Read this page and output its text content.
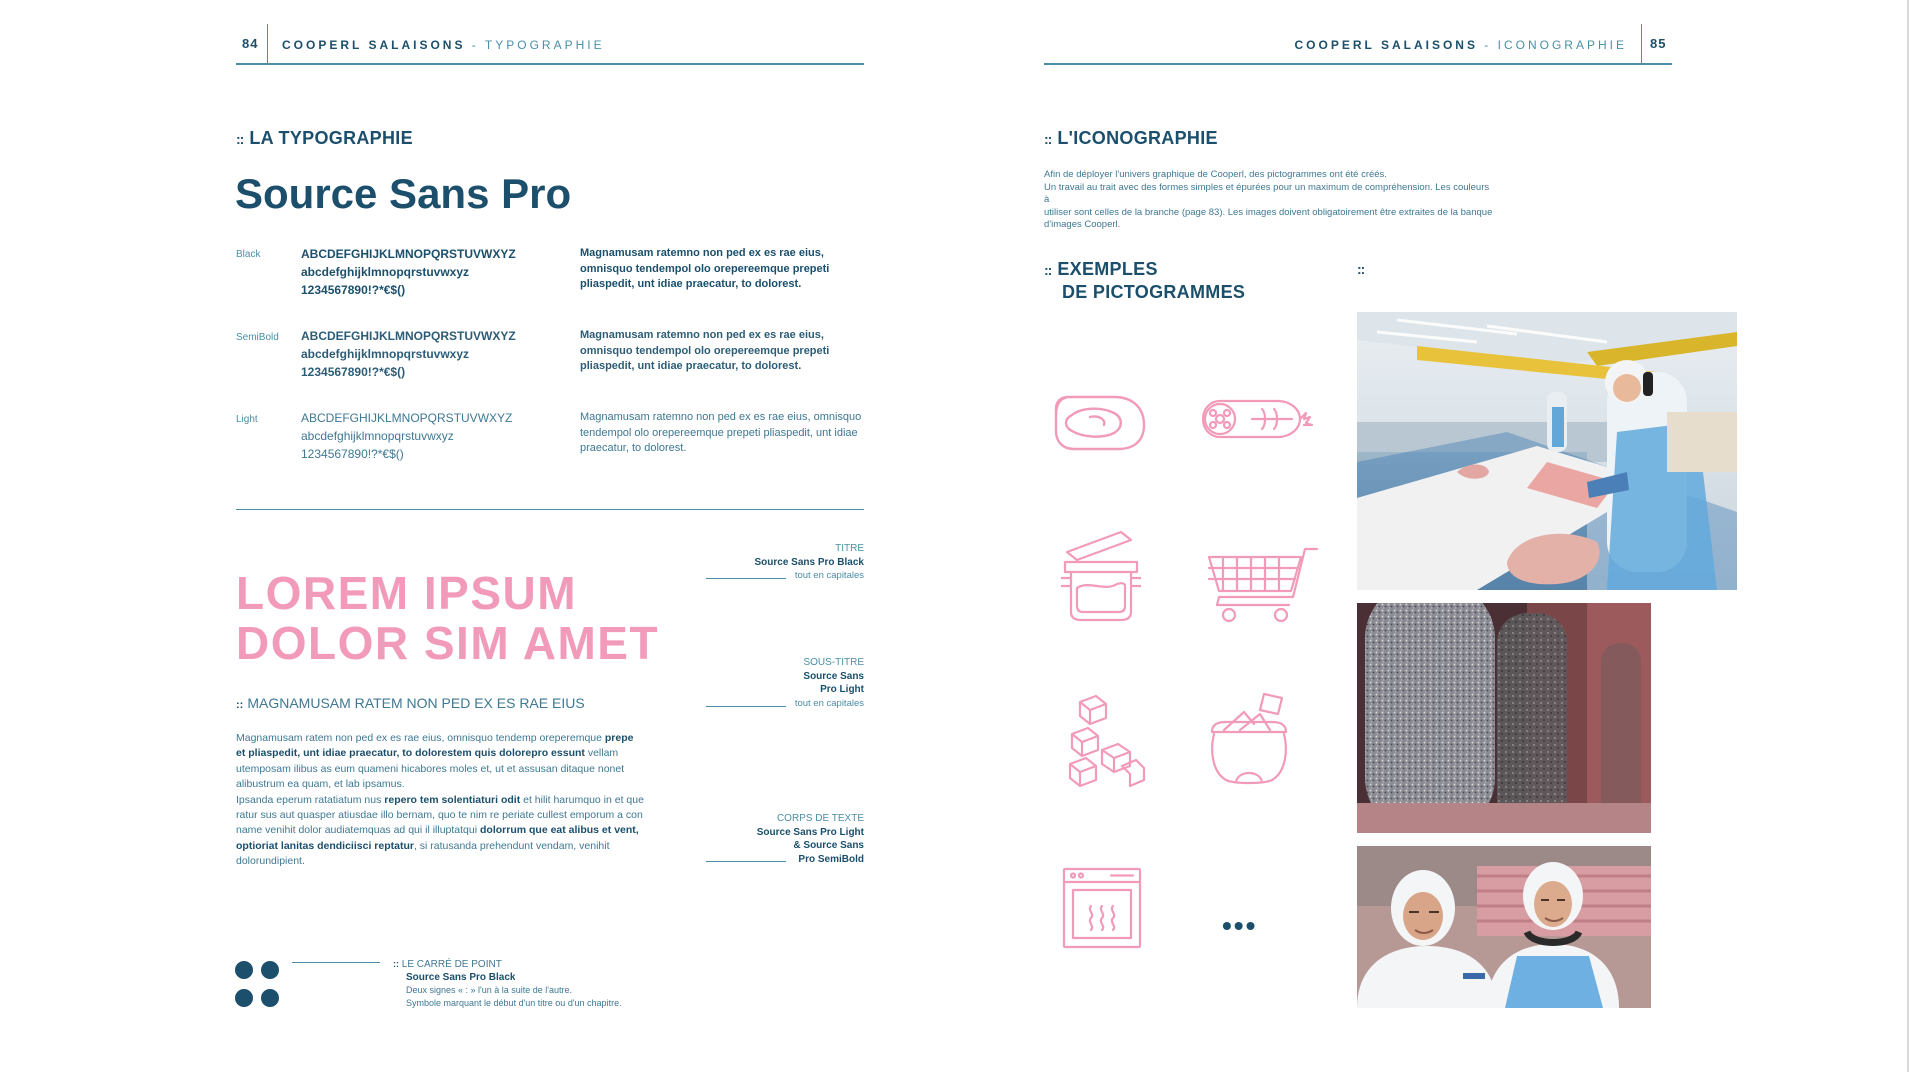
84 COOPERL SALAISONS - TYPOGRAPHIE
:: LA TYPOGRAPHIE
Source Sans Pro
Black	ABCDEFGHIJKLMNOPQRSTUVWXYZ
abcdefghijklmnopqrstuvwxyz
1234567890!?*€$()
Magnamusam ratemno non ped ex es rae eius, omnisquo tendempol olo orepereemque prepeti pliaspedit, unt idiae praecatur, to dolorest.
SemiBold ABCDEFGHIJKLMNOPQRSTUVWXYZ
abcdefghijklmnopqrstuvwxyz
1234567890!?*€$()
Magnamusam ratemno non ped ex es rae eius, omnisquo tendempol olo orepereemque prepeti pliaspedit, unt idiae praecatur, to dolorest.
Light	ABCDEFGHIJKLMNOPQRSTUVWXYZ
abcdefghijklmnopqrstuvwxyz
1234567890!?*€$()
Magnamusam ratemno non ped ex es rae eius, omnisquo tendempol olo orepereemque prepeti pliaspedit, unt idiae praecatur, to dolorest.
LOREM IPSUM
DOLOR SIM AMET
:: MAGNAMUSAM RATEM NON PED EX ES RAE EIUS
Magnamusam ratem non ped ex es rae eius, omnisquo tendemp oreperemque prepe et pliaspedit, unt idiae praecatur, to dolorestem quis dolorepro essunt vellam utemposam ilibus as eum quameni hicabores moles et, ut et assusan ditaque nonet alibustrum ea quam, et lab ipsamus.
Ipsanda eperum ratatiatum nus repero tem solentiaturi odit et hilit harumquo in et que ratur sus aut quasper atiusdae illo bernam, quo te nim re periate cullest emporum a con name venihit dolor audiatemquas ad qui il illuptatqui dolorrum que eat alibus et vent, optioriat lanitas dendiciisci reptatur, si ratusanda prehendunt vendam, venihit dolorundipient.
TITRE
Source Sans Pro Black
tout en capitales
SOUS-TITRE
Source Sans
Pro Light
tout en capitales
CORPS DE TEXTE
Source Sans Pro Light
& Source Sans
Pro SemiBold
:: LE CARRÉ DE POINT
Source Sans Pro Black
Deux signes « : » l'un à la suite de l'autre.
Symbole marquant le début d'un titre ou d'un chapitre.
COOPERL SALAISONS - ICONOGRAPHIE 85
:: L'ICONOGRAPHIE
Afin de déployer l'univers graphique de Cooperl, des pictogrammes ont été créés.
Un travail au trait avec des formes simples et épurées pour un maximum de compréhension. Les couleurs à
utiliser sont celles de la branche (page 83). Les images doivent obligatoirement être extraites de la banque
d'images Cooperl.
:: EXEMPLES
DE PICTOGRAMMES
::
•••
